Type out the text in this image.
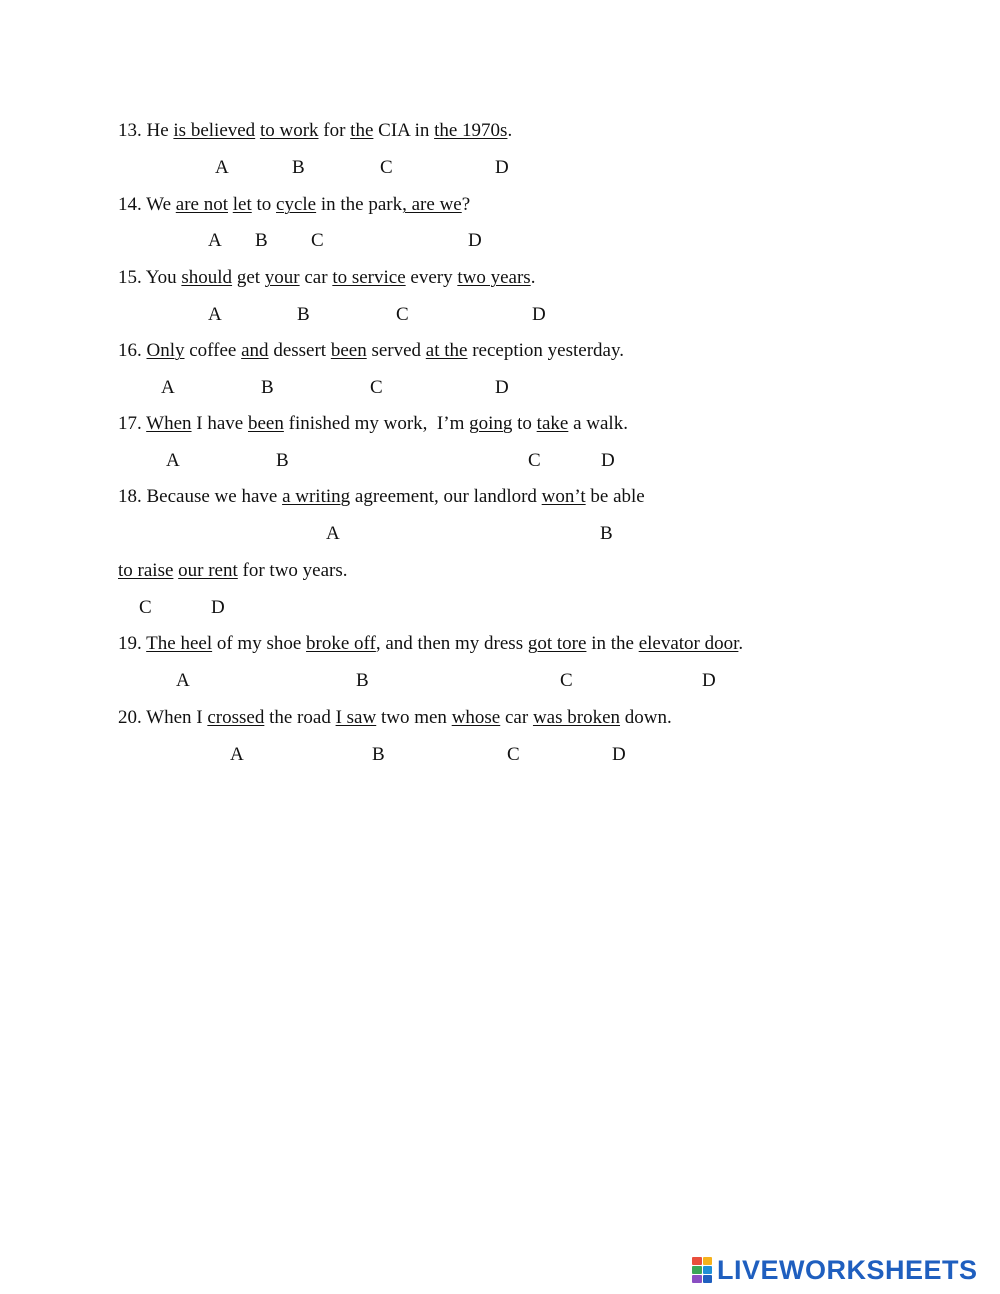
13. He is believed to work for the CIA in the 1970s.
A	B	C	D
14. We are not let to cycle in the park, are we?
A B C	D
15. You should get your car to service every two years.
A	B	C	D
16. Only coffee and dessert been served at the reception yesterday.
A	B	C	D
17. When I have been finished my work,  I’m going to take a walk.
A	B	C	D
18. Because we have a writing agreement, our landlord won’t be able
A	B
to raise our rent for two years.
C	D
19. The heel of my shoe broke off, and then my dress got tore in the elevator door.
A	B	C	D
20. When I crossed the road I saw two men whose car was broken down.
A	B	C	D
LIVEWORKSHEETS
